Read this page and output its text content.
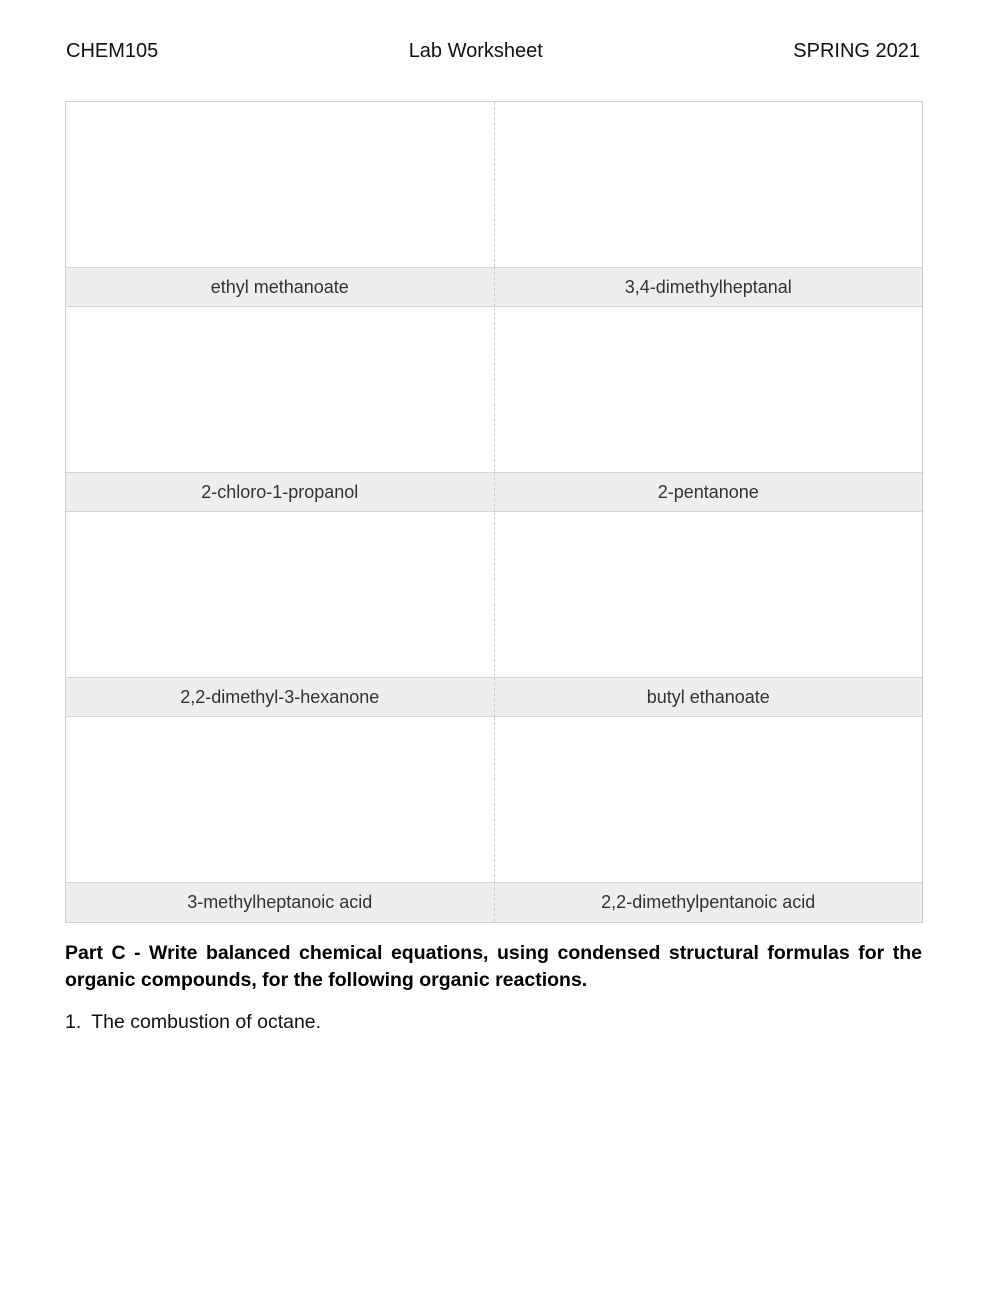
CHEM105	Lab Worksheet	SPRING 2021
ethyl methanoate	3,4-dimethylheptanal
2-chloro-1-propanol	2-pentanone
2,2-dimethyl-3-hexanone	butyl ethanoate
3-methylheptanoic acid	2,2-dimethylpentanoic acid
Part C - Write balanced chemical equations, using condensed structural formulas for the organic compounds, for the following organic reactions.
1. The combustion of octane.
